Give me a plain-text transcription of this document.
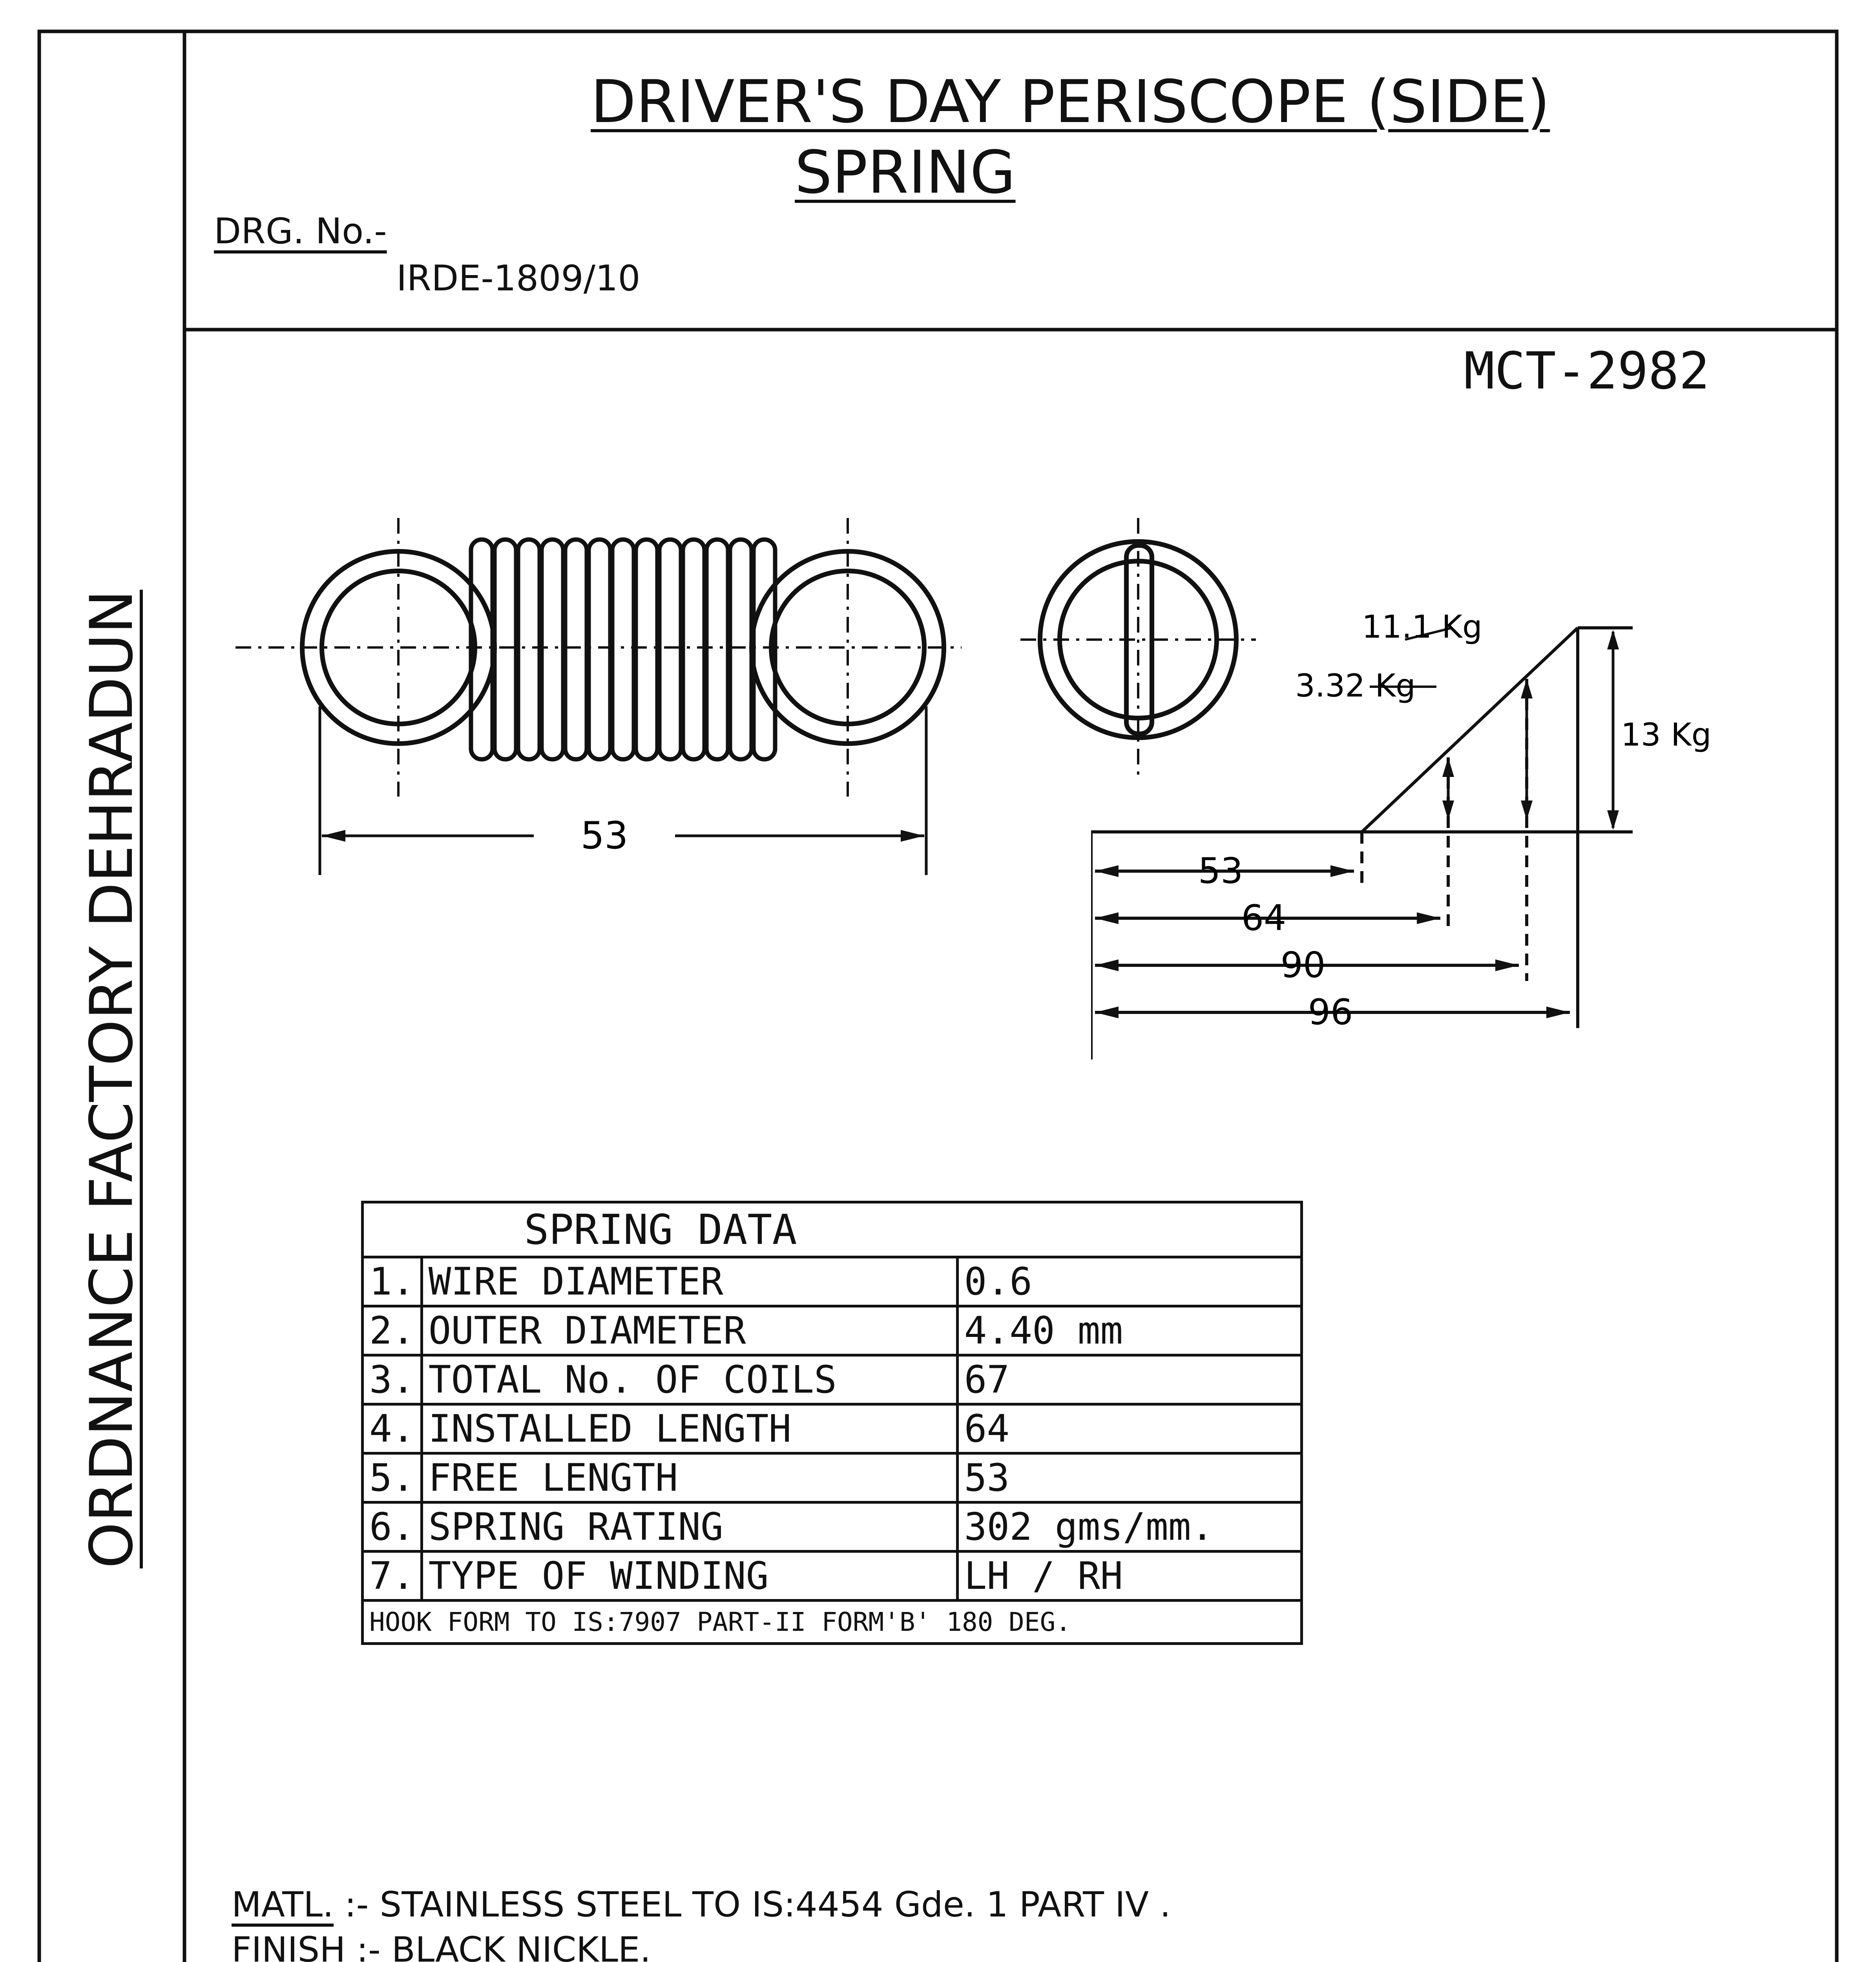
ORDNANCE FACTORY DEHRADUN
DRIVER'S DAY PERISCOPE (SIDE)
SPRING
DRG. No.-
IRDE-1809/10
MCT-2982
53
11.1 Kg
3.32 Kg
13 Kg
53
64
90
96
SPRING DATA		
1.	WIRE DIAMETER	0.6
2.	OUTER DIAMETER	4.40 mm
3.	TOTAL No. OF COILS	67
4.	INSTALLED LENGTH	64
5.	FREE LENGTH	53
6.	SPRING RATING	302 gms/mm.
7.	TYPE OF WINDING	LH / RH
HOOK FORM TO IS:7907 PART-II FORM'B' 180 DEG.		
MATL. :- STAINLESS STEEL TO IS:4454 Gde. 1 PART IV .
FINISH :- BLACK NICKLE.
